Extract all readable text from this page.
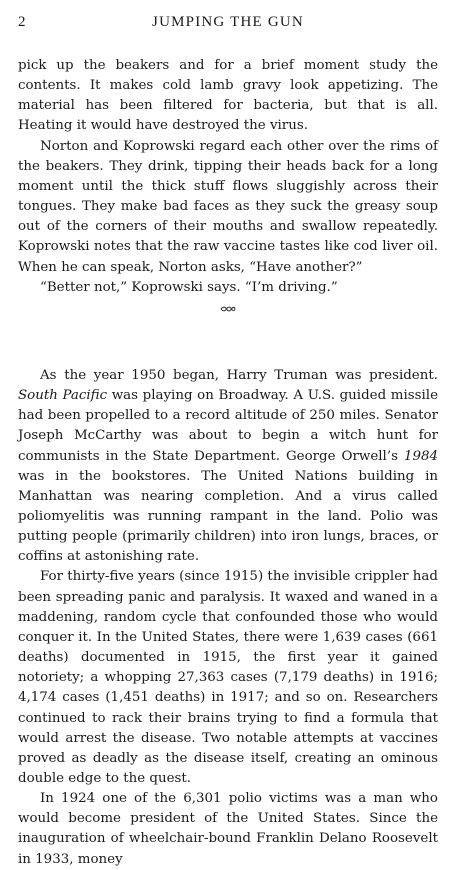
2	JUMPING THE GUN

pick up the beakers and for a brief moment study the contents. It makes cold lamb gravy look appetizing. The material has been filtered for bacteria, but that is all. Heating it would have destroyed the virus.

Norton and Koprowski regard each other over the rims of the beakers. They drink, tipping their heads back for a long moment until the thick stuff flows sluggishly across their tongues. They make bad faces as they suck the greasy soup out of the corners of their mouths and swallow repeatedly. Koprowski notes that the raw vaccine tastes like cod liver oil. When he can speak, Norton asks, “Have another?”

“Better not,” Koprowski says. “I’m driving.”

As the year 1950 began, Harry Truman was president. South Pacific was playing on Broadway. A U.S. guided missile had been propelled to a record altitude of 250 miles. Senator Joseph McCarthy was about to begin a witch hunt for communists in the State Department. George Orwell’s 1984 was in the bookstores. The United Nations building in Manhattan was nearing completion. And a virus called poliomyelitis was running rampant in the land. Polio was putting people (primarily children) into iron lungs, braces, or coffins at astonishing rate.

For thirty-five years (since 1915) the invisible crippler had been spreading panic and paralysis. It waxed and waned in a maddening, random cycle that confounded those who would conquer it. In the United States, there were 1,639 cases (661 deaths) documented in 1915, the first year it gained notoriety; a whopping 27,363 cases (7,179 deaths) in 1916; 4,174 cases (1,451 deaths) in 1917; and so on. Researchers continued to rack their brains trying to find a formula that would arrest the disease. Two notable attempts at vaccines proved as deadly as the disease itself, creating an ominous double edge to the quest.

In 1924 one of the 6,301 polio victims was a man who would become president of the United States. Since the inauguration of wheelchair-bound Franklin Delano Roosevelt in 1933, money
